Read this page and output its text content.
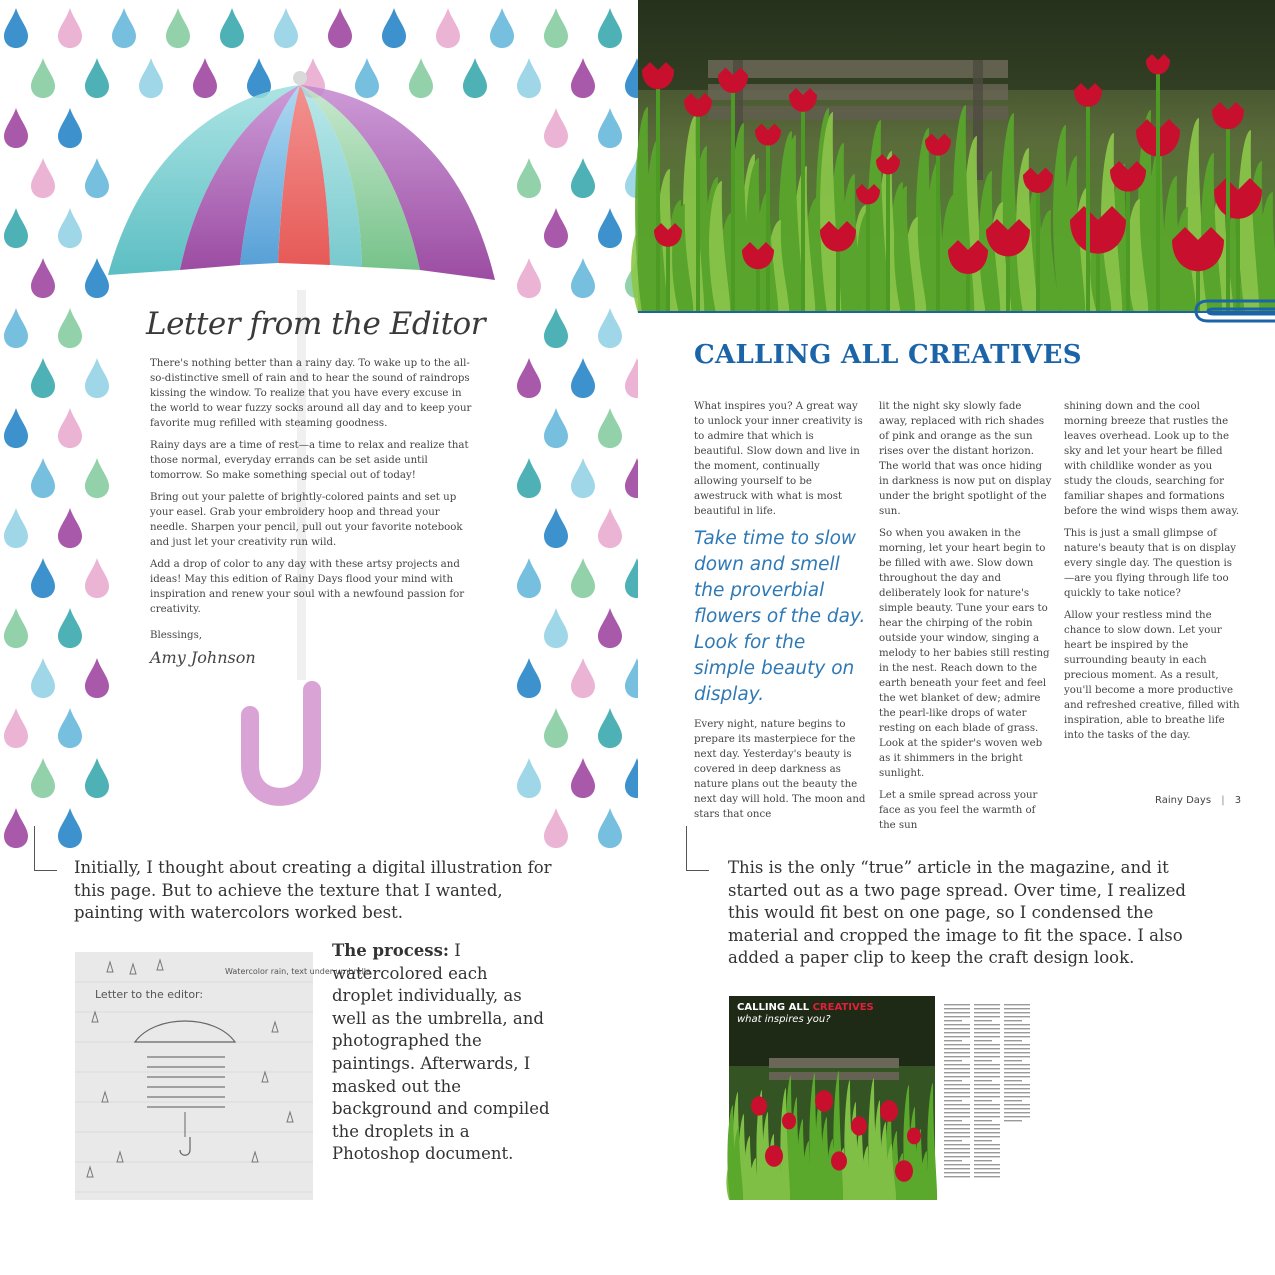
Letter from the Editor

There's nothing better than a rainy day. To wake up to the all-so-distinctive smell of rain and to hear the sound of raindrops kissing the window. To realize that you have every excuse in the world to wear fuzzy socks around all day and to keep your favorite mug refilled with steaming goodness.

Rainy days are a time of rest—a time to relax and realize that those normal, everyday errands can be set aside until tomorrow. So make something special out of today!

Bring out your palette of brightly-colored paints and set up your easel. Grab your embroidery hoop and thread your needle. Sharpen your pencil, pull out your favorite notebook and just let your creativity run wild.

Add a drop of color to any day with these artsy projects and ideas! May this edition of Rainy Days flood your mind with inspiration and renew your soul with a newfound passion for creativity.

Blessings,
Amy Johnson
CALLING ALL CREATIVES

What inspires you? A great way to unlock your inner creativity is to admire that which is beautiful. Slow down and live in the moment, continually allowing yourself to be awestruck with what is most beautiful in life.

Take time to slow down and smell the proverbial flowers of the day. Look for the simple beauty on display.

Every night, nature begins to prepare its masterpiece for the next day. Yesterday's beauty is covered in deep darkness as nature plans out the beauty the next day will hold. The moon and stars that once

lit the night sky slowly fade away, replaced with rich shades of pink and orange as the sun rises over the distant horizon. The world that was once hiding in darkness is now put on display under the bright spotlight of the sun.

So when you awaken in the morning, let your heart begin to be filled with awe. Slow down throughout the day and deliberately look for nature's simple beauty. Tune your ears to hear the chirping of the robin outside your window, singing a melody to her babies still resting in the nest. Reach down to the earth beneath your feet and feel the wet blanket of dew; admire the pearl-like drops of water resting on each blade of grass. Look at the spider's woven web as it shimmers in the bright sunlight.

Let a smile spread across your face as you feel the warmth of the sun

shining down and the cool morning breeze that rustles the leaves overhead. Look up to the sky and let your heart be filled with childlike wonder as you study the clouds, searching for familiar shapes and formations before the wind wisps them away.

This is just a small glimpse of nature's beauty that is on display every single day. The question is—are you flying through life too quickly to take notice?

Allow your restless mind the chance to slow down. Let your heart be inspired by the surrounding beauty in each precious moment. As a result, you'll become a more productive and refreshed creative, filled with inspiration, able to breathe life into the tasks of the day.

Rainy Days | 3
Initially, I thought about creating a digital illustration for this page. But to achieve the texture that I wanted, painting with watercolors worked best.
Letter to the editor:
Watercolor rain, text under umbrella
The process: I watercolored each droplet individually, as well as the umbrella, and photographed the paintings. Afterwards, I masked out the background and compiled the droplets in a Photoshop document.
This is the only “true” article in the magazine, and it started out as a two page spread. Over time, I realized this would fit best on one page, so I condensed the material and cropped the image to fit the space. I also added a paper clip to keep the craft design look.
CALLING ALL CREATIVES
what inspires you?
